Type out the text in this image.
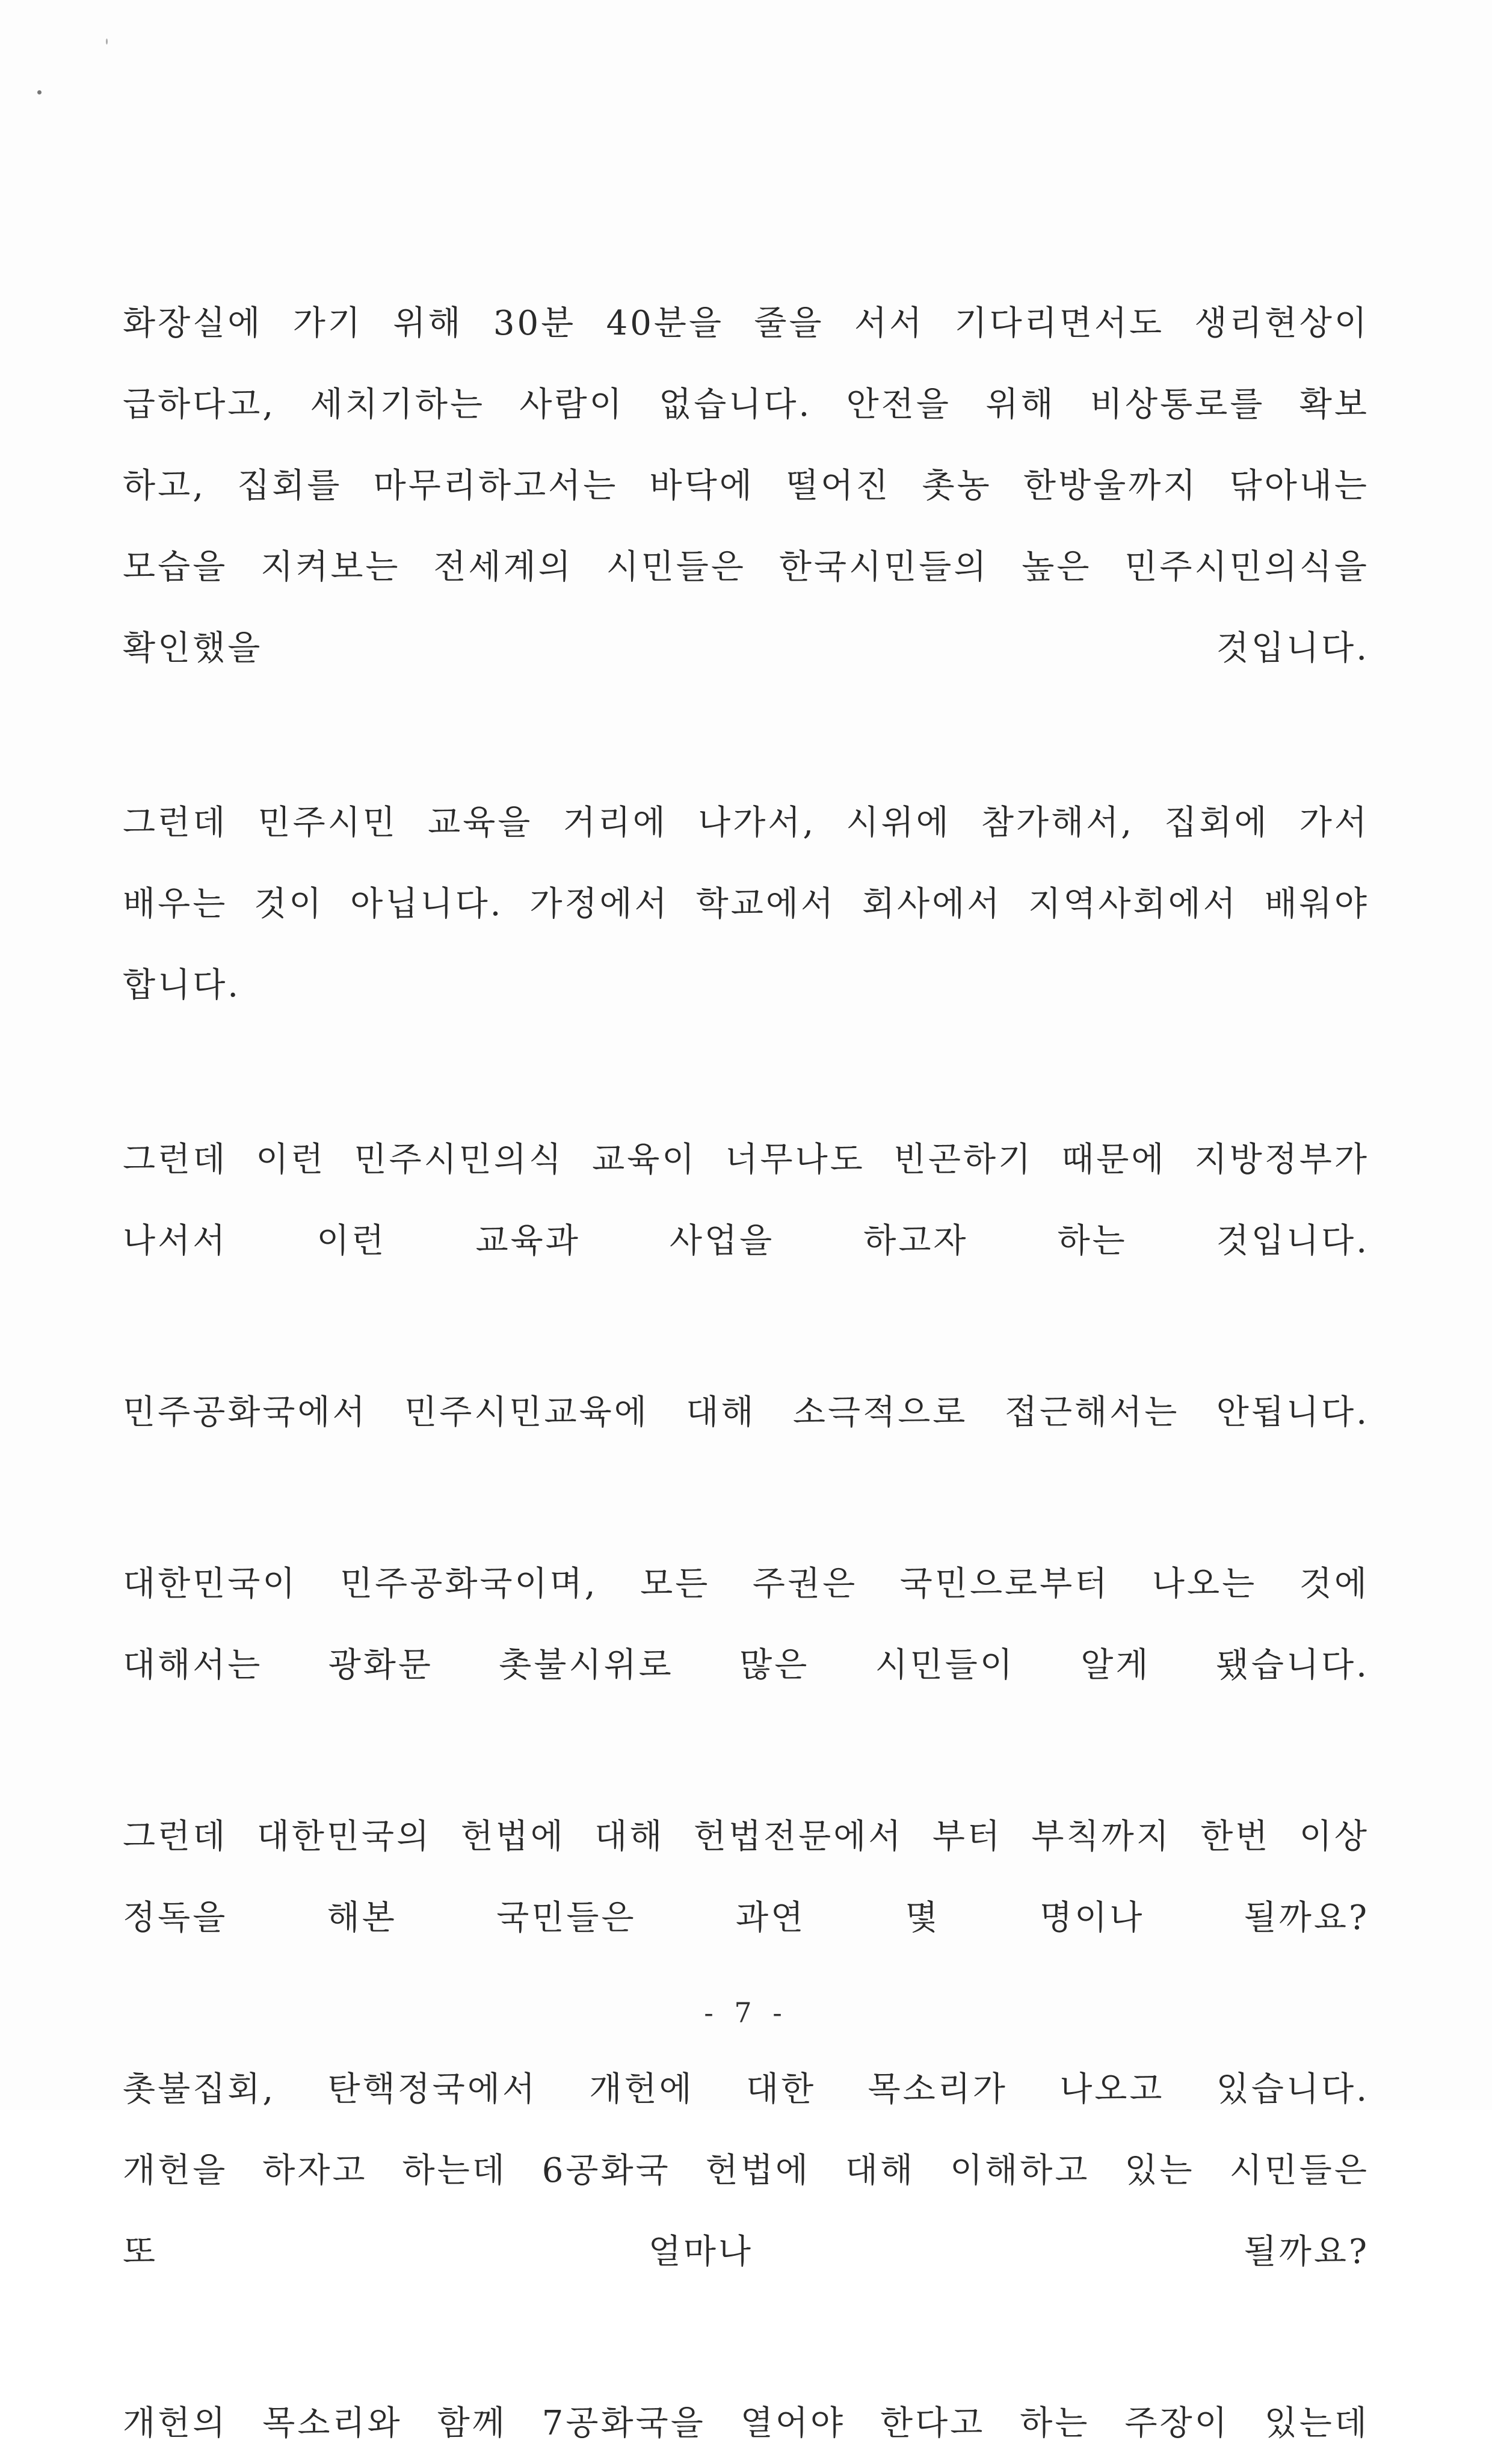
화장실에 가기 위해 30분 40분을 줄을 서서 기다리면서도 생리현상이
급하다고, 세치기하는 사람이 없습니다. 안전을 위해 비상통로를 확보
하고, 집회를 마무리하고서는 바닥에 떨어진 촛농 한방울까지 닦아내는
모습을 지켜보는 전세계의 시민들은 한국시민들의 높은 민주시민의식을
확인했을 것입니다.
그런데 민주시민 교육을 거리에 나가서, 시위에 참가해서, 집회에 가서
배우는 것이 아닙니다. 가정에서 학교에서 회사에서 지역사회에서 배워야
합니다.
그런데 이런 민주시민의식 교육이 너무나도 빈곤하기 때문에 지방정부가
나서서 이런 교육과 사업을 하고자 하는 것입니다.
민주공화국에서 민주시민교육에 대해 소극적으로 접근해서는 안됩니다.
대한민국이 민주공화국이며, 모든 주권은 국민으로부터 나오는 것에
대해서는 광화문 촛불시위로 많은 시민들이 알게 됐습니다.
그런데 대한민국의 헌법에 대해 헌법전문에서 부터 부칙까지 한번 이상
정독을 해본 국민들은 과연 몇 명이나 될까요?
촛불집회, 탄핵정국에서 개헌에 대한 목소리가 나오고 있습니다.
개헌을 하자고 하는데 6공화국 헌법에 대해 이해하고 있는 시민들은
또 얼마나 될까요?
개헌의 목소리와 함께 7공화국을 열어야 한다고 하는 주장이 있는데
- 7 -
